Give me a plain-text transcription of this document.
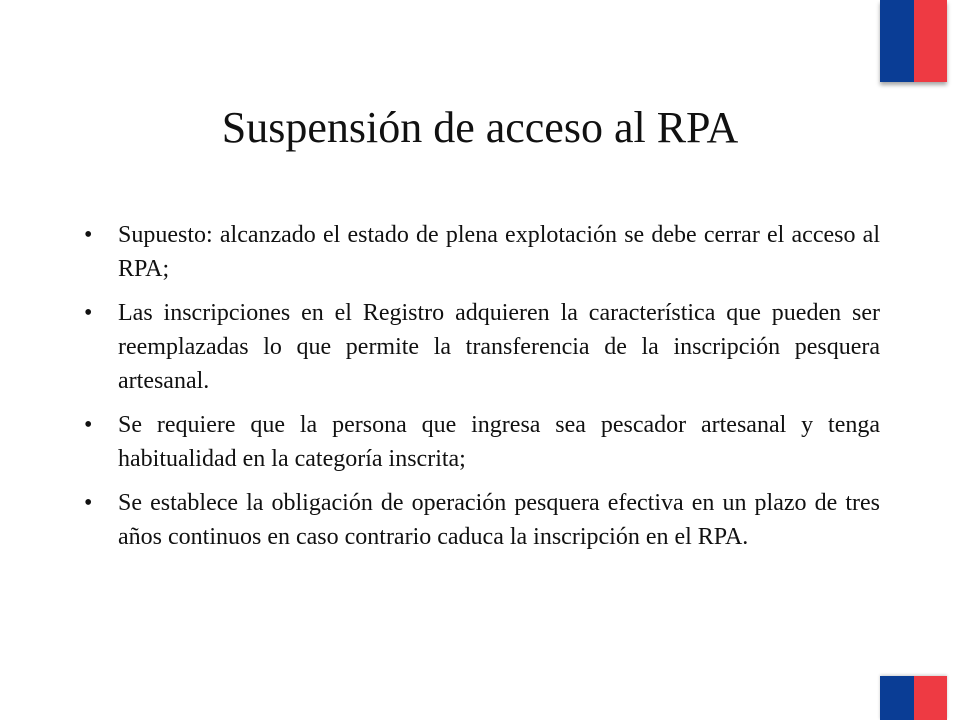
Suspensión de acceso al RPA
• Supuesto: alcanzado el estado de plena explotación se debe cerrar el acceso al RPA;
• Las inscripciones en el Registro adquieren la característica que pueden ser reemplazadas lo que permite la transferencia de la inscripción pesquera artesanal.
• Se requiere que la persona que ingresa sea pescador artesanal y tenga habitualidad en la categoría inscrita;
• Se establece la obligación de operación pesquera efectiva en un plazo de tres años continuos en caso contrario caduca la inscripción en el RPA.
